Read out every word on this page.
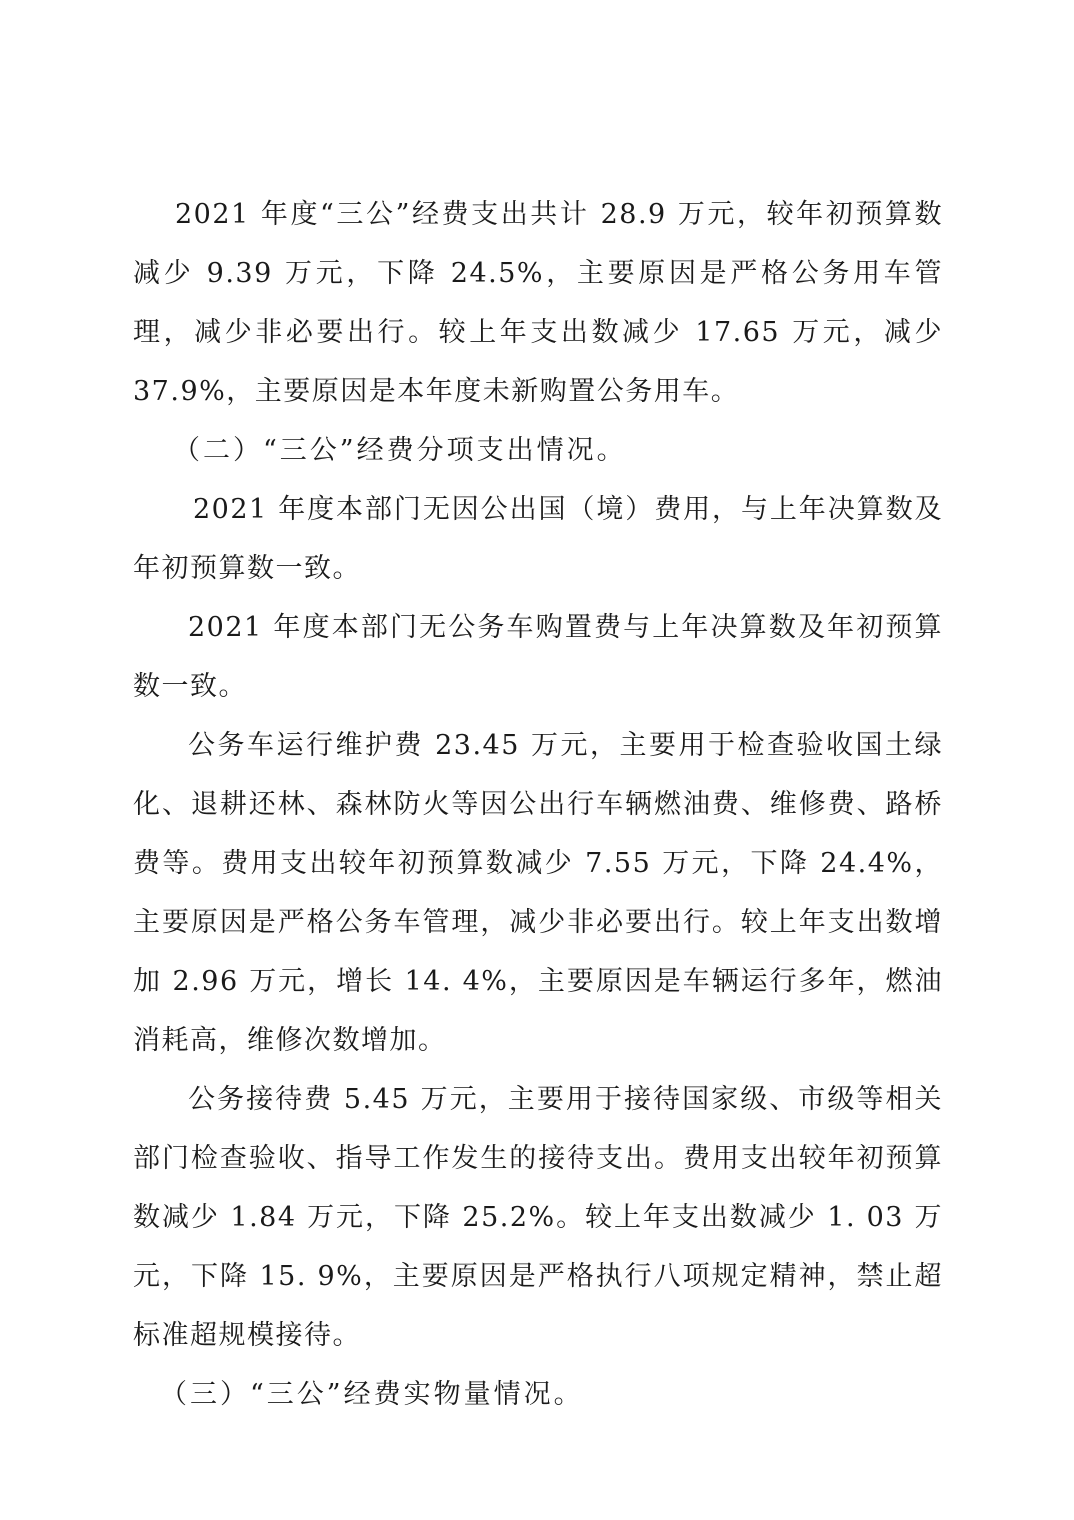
2021 年度“三公”经费支出共计 28.9 万元，较年初预算数减少 9.39 万元，下降 24.5%，主要原因是严格公务用车管理，减少非必要出行。较上年支出数减少 17.65 万元，减少 37.9%，主要原因是本年度未新购置公务用车。

（二）“三公”经费分项支出情况。

2021 年度本部门无因公出国（境）费用，与上年决算数及年初预算数一致。

2021 年度本部门无公务车购置费与上年决算数及年初预算数一致。

公务车运行维护费 23.45 万元，主要用于检查验收国土绿化、退耕还林、森林防火等因公出行车辆燃油费、维修费、路桥费等。费用支出较年初预算数减少 7.55 万元，下降 24.4%，主要原因是严格公务车管理，减少非必要出行。较上年支出数增加 2.96 万元，增长 14. 4%，主要原因是车辆运行多年，燃油消耗高，维修次数增加。

公务接待费 5.45 万元，主要用于接待国家级、市级等相关部门检查验收、指导工作发生的接待支出。费用支出较年初预算数减少 1.84 万元，下降 25.2%。较上年支出数减少 1. 03 万元，下降 15. 9%，主要原因是严格执行八项规定精神，禁止超标准超规模接待。

（三）“三公”经费实物量情况。
